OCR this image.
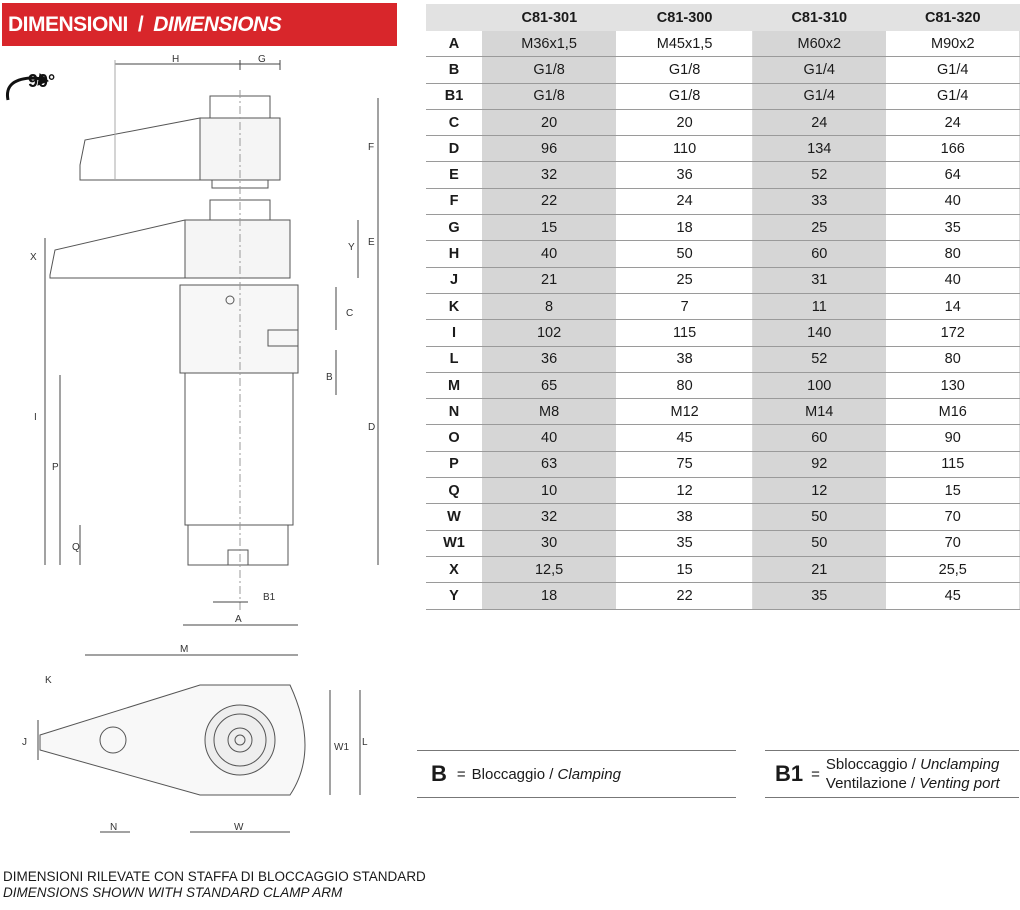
DIMENSIONI / DIMENSIONS
90°
H	G
F
E
Y
X
C
B
D
I
P
Q
B1
A
M
K
J	W1 L
N	W
	C81-301	C81-300	C81-310	C81-320
A	M36x1,5	M45x1,5	M60x2	M90x2
B	G1/8	G1/8	G1/4	G1/4
B1	G1/8	G1/8	G1/4	G1/4
C	20	20	24	24
D	96	110	134	166
E	32	36	52	64
F	22	24	33	40
G	15	18	25	35
H	40	50	60	80
J	21	25	31	40
K	8	7	11	14
I	102	115	140	172
L	36	38	52	80
M	65	80	100	130
N	M8	M12	M14	M16
O	40	45	60	90
P	63	75	92	115
Q	10	12	12	15
W	32	38	50	70
W1	30	35	50	70
X	12,5	15	21	25,5
Y	18	22	35	45
B = Bloccaggio / Clamping	B1 =
Sbloccaggio / Unclamping
Ventilazione / Venting port
DIMENSIONI RILEVATE CON STAFFA DI BLOCCAGGIO STANDARD
DIMENSIONS SHOWN WITH STANDARD CLAMP ARM
